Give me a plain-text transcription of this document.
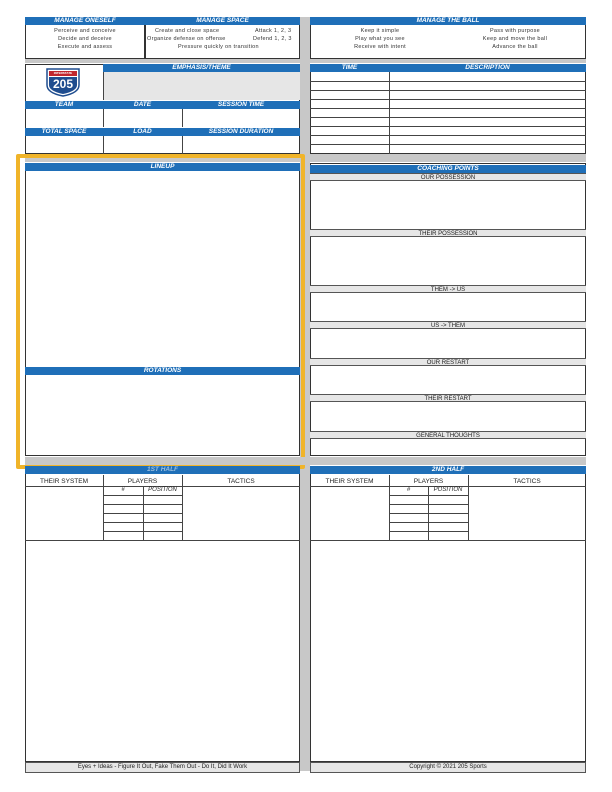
MANAGE ONESELF
Perceive and conceive
Decide and deceive
Execute and assess
MANAGE SPACE
Create and close space
Organize defense on offense
Pressure quickly on transition
Attack 1, 2, 3
Defend 1, 2, 3
MANAGE THE BALL
Keep it simple
Play what you see
Receive with intent
Pass with purpose
Keep and move the ball
Advance the ball
INTERSTATE
205
EMPHASIS/THEME
TEAM	DATE	SESSION TIME
TOTAL SPACE	LOAD	SESSION DURATION
TIME	DESCRIPTION
LINEUP
ROTATIONS
COACHING POINTS
OUR POSSESSION
THEIR POSSESSION
THEM -> US
US -> THEM
OUR RESTART
THEIR RESTART
GENERAL THOUGHTS
1ST HALF
THEIR SYSTEM	PLAYERS	TACTICS
#	POSITION
2ND HALF
THEIR SYSTEM	PLAYERS	TACTICS
#	POSITION
Eyes + Ideas - Figure It Out, Fake Them Out - Do It, Did It Work	Copyright © 2021 205 Sports
